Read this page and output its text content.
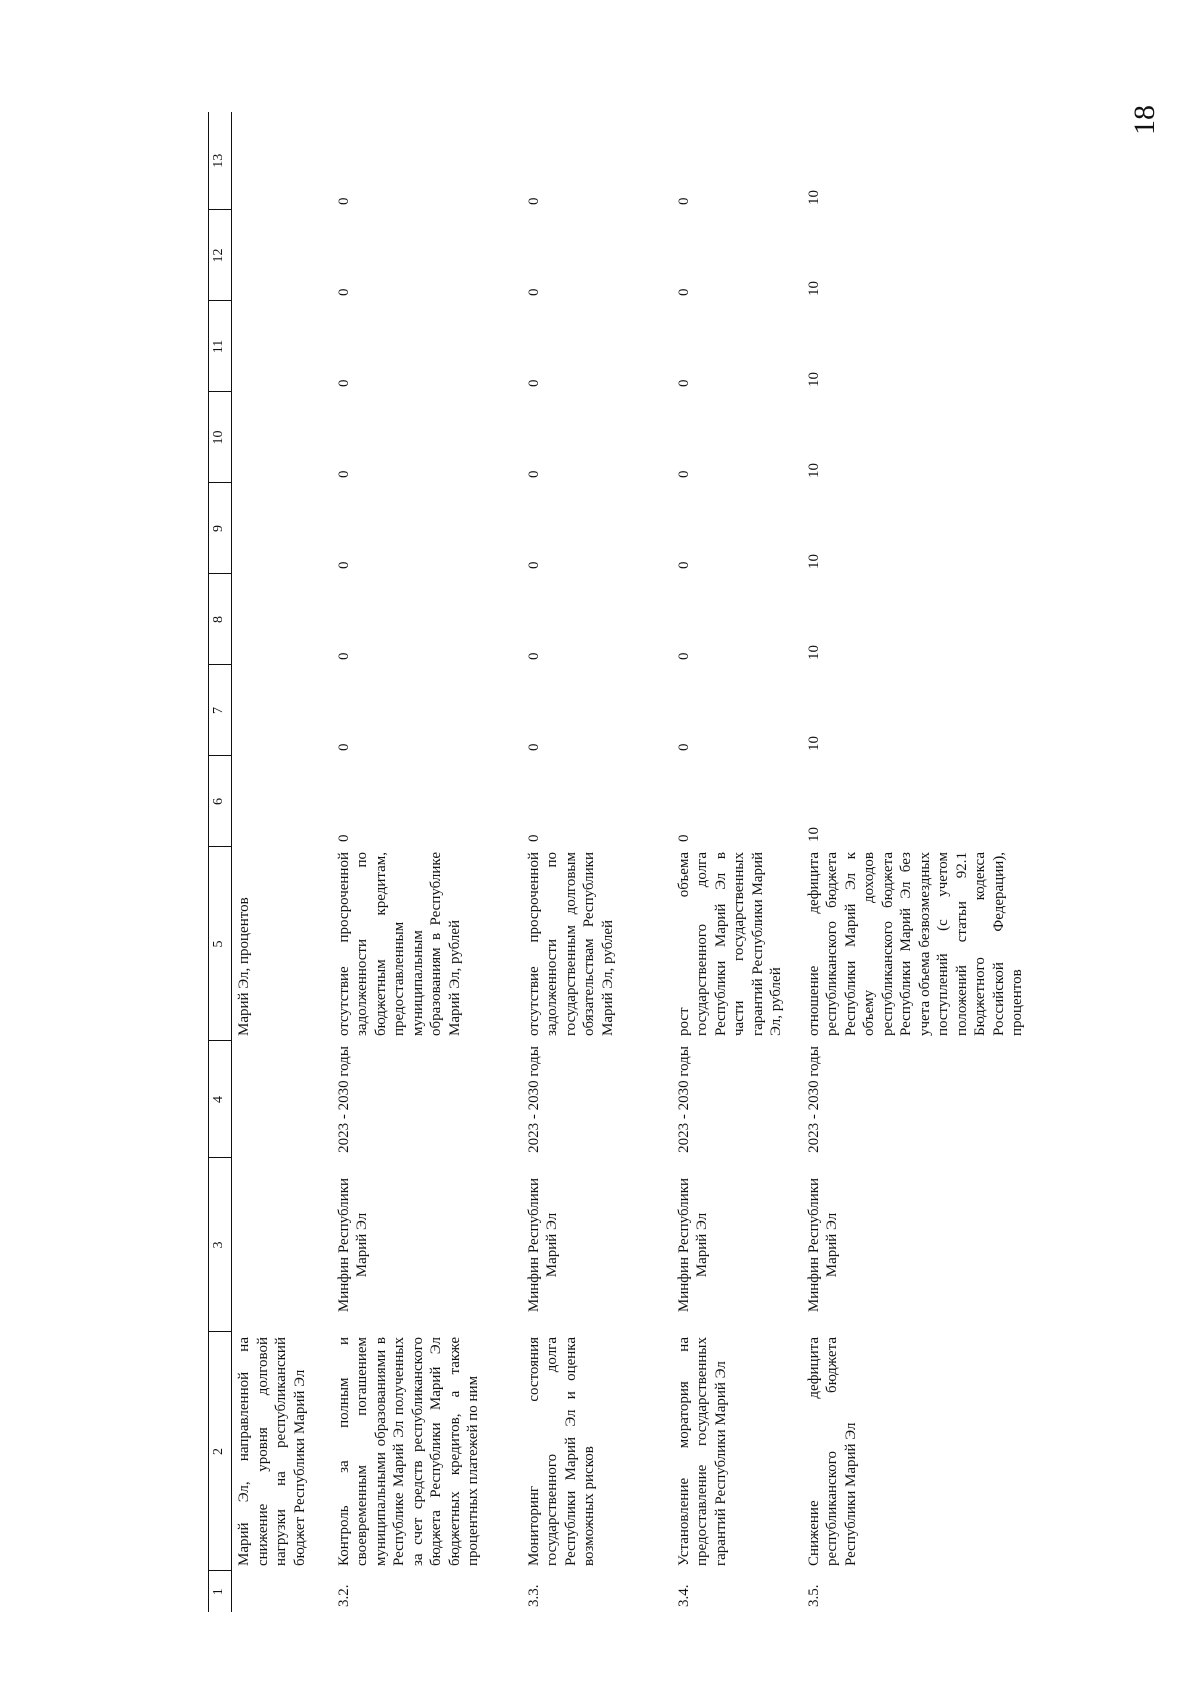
18
1	2	3	4	5	6	7	8	9	10	11	12	13
	Марий Эл, направленной на снижение уровня долговой нагрузки на республиканский бюджет Республики Марий Эл			Марий Эл, процентов								
3.2.	Контроль за полным и своевременным погашением муниципальными образованиями в Республике Марий Эл полученных за счет средств республиканского бюджета Республики Марий Эл бюджетных кредитов, а также процентных платежей по ним	Минфин Республики Марий Эл	2023 - 2030 годы	отсутствие просроченной задолженности по бюджетным кредитам, предоставленным муниципальным образованиям в Республике Марий Эл, рублей	0	0	0	0	0	0	0	0
3.3.	Мониторинг состояния государственного долга Республики Марий Эл и оценка возможных рисков	Минфин Республики Марий Эл	2023 - 2030 годы	отсутствие просроченной задолженности по государственным долговым обязательствам Республики Марий Эл, рублей	0	0	0	0	0	0	0	0
3.4.	Установление моратория на предоставление государственных гарантий Республики Марий Эл	Минфин Республики Марий Эл	2023 - 2030 годы	рост объема государственного долга Республики Марий Эл в части государственных гарантий Республики Марий Эл, рублей	0	0	0	0	0	0	0	0
3.5.	Снижение дефицита республиканского бюджета Республики Марий Эл	Минфин Республики Марий Эл	2023 - 2030 годы	отношение дефицита республиканского бюджета Республики Марий Эл к объему доходов республиканского бюджета Республики Марий Эл без учета объема безвозмездных поступлений (с учетом положений статьи 92.1 Бюджетного кодекса Российской Федерации), процентов	10	10	10	10	10	10	10	10
